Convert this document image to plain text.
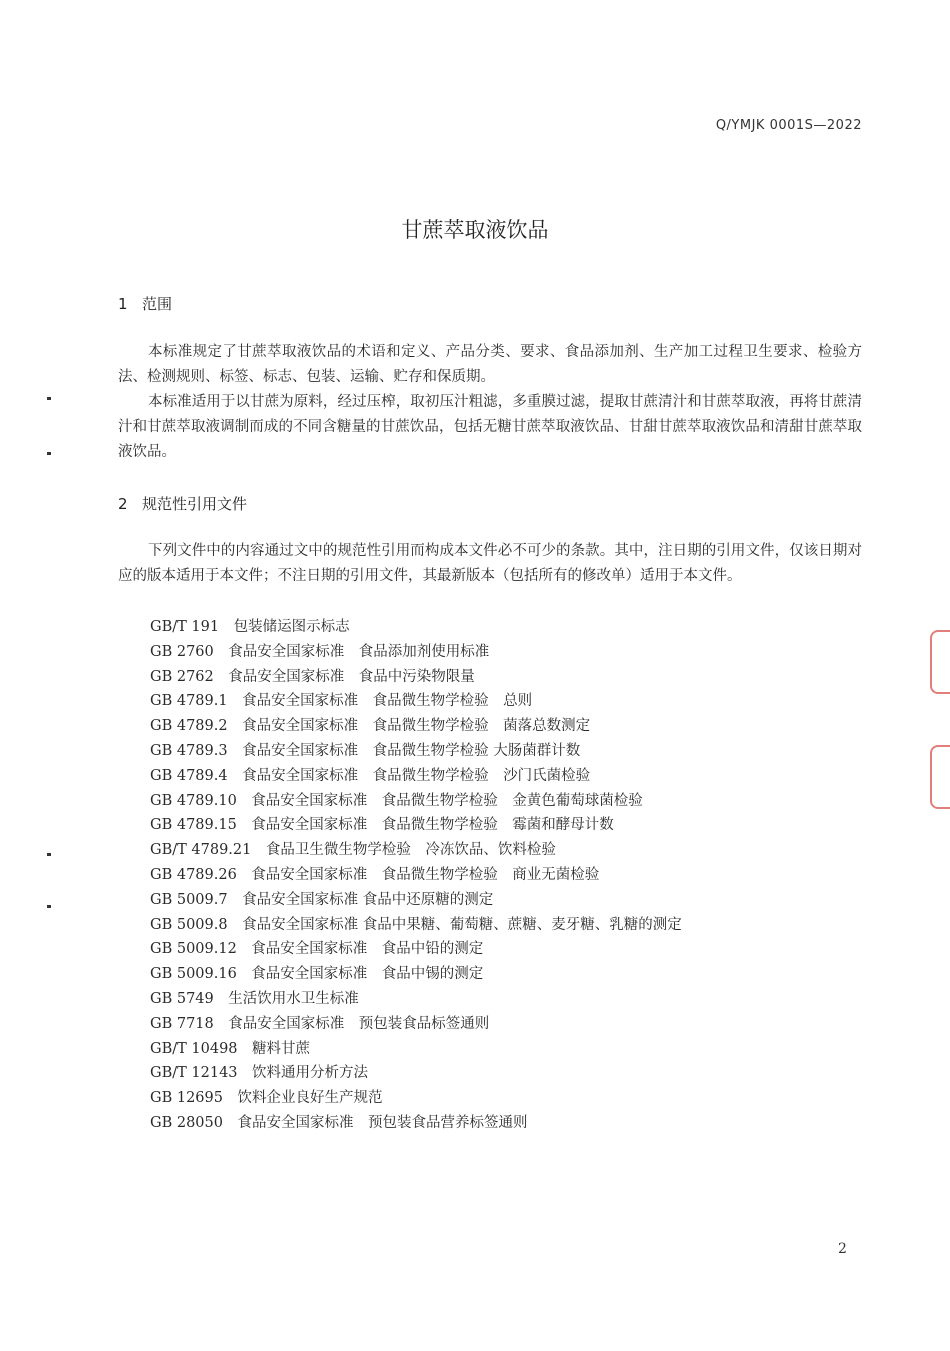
Q/YMJK 0001S—2022
甘蔗萃取液饮品
1 范围

本标准规定了甘蔗萃取液饮品的术语和定义、产品分类、要求、食品添加剂、生产加工过程卫生要求、检验方法、检测规则、标签、标志、包装、运输、贮存和保质期。

本标准适用于以甘蔗为原料，经过压榨，取初压汁粗滤，多重膜过滤，提取甘蔗清汁和甘蔗萃取液，再将甘蔗清汁和甘蔗萃取液调制而成的不同含糖量的甘蔗饮品，包括无糖甘蔗萃取液饮品、甘甜甘蔗萃取液饮品和清甜甘蔗萃取液饮品。

2 规范性引用文件

下列文件中的内容通过文中的规范性引用而构成本文件必不可少的条款。其中，注日期的引用文件，仅该日期对应的版本适用于本文件；不注日期的引用文件，其最新版本（包括所有的修改单）适用于本文件。

GB/T 191　包装储运图示标志
GB 2760　食品安全国家标准　食品添加剂使用标准
GB 2762　食品安全国家标准　食品中污染物限量
GB 4789.1　食品安全国家标准　食品微生物学检验　总则
GB 4789.2　食品安全国家标准　食品微生物学检验　菌落总数测定
GB 4789.3　食品安全国家标准　食品微生物学检验 大肠菌群计数
GB 4789.4　食品安全国家标准　食品微生物学检验　沙门氏菌检验
GB 4789.10　食品安全国家标准　食品微生物学检验　金黄色葡萄球菌检验
GB 4789.15　食品安全国家标准　食品微生物学检验　霉菌和酵母计数
GB/T 4789.21　食品卫生微生物学检验　冷冻饮品、饮料检验
GB 4789.26　食品安全国家标准　食品微生物学检验　商业无菌检验
GB 5009.7　食品安全国家标准 食品中还原糖的测定
GB 5009.8　食品安全国家标准 食品中果糖、葡萄糖、蔗糖、麦牙糖、乳糖的测定
GB 5009.12　食品安全国家标准　食品中铅的测定
GB 5009.16　食品安全国家标准　食品中锡的测定
GB 5749　生活饮用水卫生标准
GB 7718　食品安全国家标准　预包装食品标签通则
GB/T 10498　糖料甘蔗
GB/T 12143　饮料通用分析方法
GB 12695　饮料企业良好生产规范
GB 28050　食品安全国家标准　预包装食品营养标签通则
2
